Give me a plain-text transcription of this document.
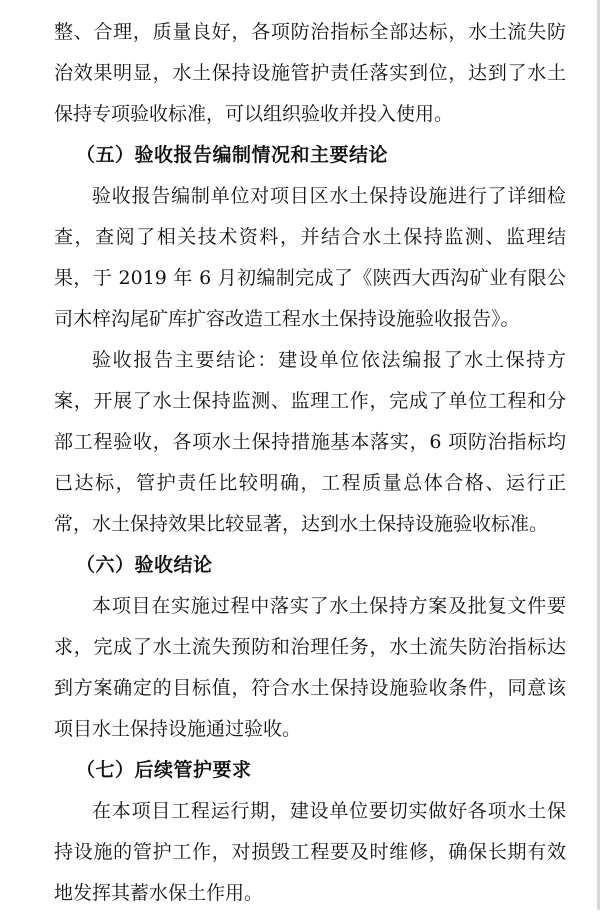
整、合理，质量良好，各项防治指标全部达标，水土流失防治效果明显，水土保持设施管护责任落实到位，达到了水土保持专项验收标准，可以组织验收并投入使用。

（五）验收报告编制情况和主要结论

验收报告编制单位对项目区水土保持设施进行了详细检查，查阅了相关技术资料，并结合水土保持监测、监理结果，于 2019 年 6 月初编制完成了《陕西大西沟矿业有限公司木梓沟尾矿库扩容改造工程水土保持设施验收报告》。

验收报告主要结论：建设单位依法编报了水土保持方案，开展了水土保持监测、监理工作，完成了单位工程和分部工程验收，各项水土保持措施基本落实，6 项防治指标均已达标，管护责任比较明确，工程质量总体合格、运行正常，水土保持效果比较显著，达到水土保持设施验收标准。

（六）验收结论

本项目在实施过程中落实了水土保持方案及批复文件要求，完成了水土流失预防和治理任务，水土流失防治指标达到方案确定的目标值，符合水土保持设施验收条件，同意该项目水土保持设施通过验收。

（七）后续管护要求

在本项目工程运行期，建设单位要切实做好各项水土保持设施的管护工作，对损毁工程要及时维修，确保长期有效地发挥其蓄水保土作用。
